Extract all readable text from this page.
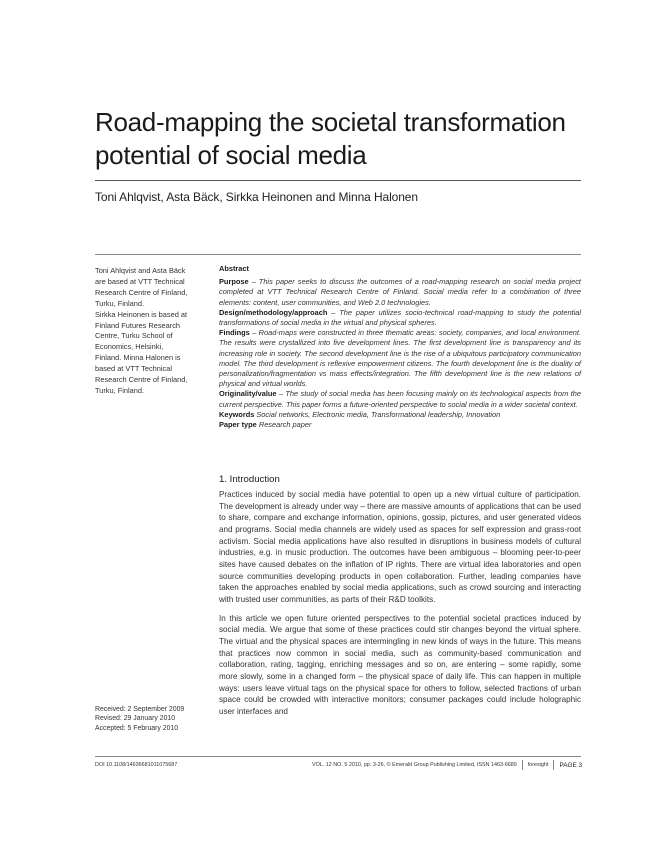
Road-mapping the societal transformation
potential of social media
Toni Ahlqvist, Asta Bäck, Sirkka Heinonen and Minna Halonen

Toni Ahlqvist and Asta Bäck

are based at VTT Technical

Research Centre of Finland,

Turku, Finland.

Sirkka Heinonen is based at

Finland Futures Research

Centre, Turku School of

Economics, Helsinki,

Finland. Minna Halonen is

based at VTT Technical

Research Centre of Finland,

Turku, Finland.

Abstract

Purpose – This paper seeks to discuss the outcomes of a road-mapping research on social media project completed at VTT Technical Research Centre of Finland. Social media refer to a combination of three elements: content, user communities, and Web 2.0 technologies.

Design/methodology/approach – The paper utilizes socio-technical road-mapping to study the potential transformations of social media in the virtual and physical spheres.

Findings – Road-maps were constructed in three thematic areas: society, companies, and local environment. The results were crystallized into five development lines. The first development line is transparency and its increasing role in society. The second development line is the rise of a ubiquitous participatory communication model. The third development is reflexive empowerment citizens. The fourth development line is the duality of personalization/fragmentation vs mass effects/integration. The fifth development line is the new relations of physical and virtual worlds.

Originality/value – The study of social media has been focusing mainly on its technological aspects from the current perspective. This paper forms a future-oriented perspective to social media in a wider societal context.

Keywords Social networks, Electronic media, Transformational leadership, Innovation

Paper type Research paper

1. Introduction

Practices induced by social media have potential to open up a new virtual culture of participation. The development is already under way – there are massive amounts of applications that can be used to share, compare and exchange information, opinions, gossip, pictures, and user generated videos and programs. Social media channels are widely used as spaces for self expression and grass-root activism. Social media applications have also resulted in disruptions in business models of cultural industries, e.g. in music production. The outcomes have been ambiguous – blooming peer-to-peer sites have caused debates on the inflation of IP rights. There are virtual idea laboratories and open source communities developing products in open collaboration. Further, leading companies have taken the approaches enabled by social media applications, such as crowd sourcing and interacting with trusted user communities, as parts of their R&D toolkits.

In this article we open future oriented perspectives to the potential societal practices induced by social media. We argue that some of these practices could stir changes beyond the virtual sphere. The virtual and the physical spaces are intermingling in new kinds of ways in the future. This means that practices now common in social media, such as community-based communication and collaboration, rating, tagging, enriching messages and so on, are entering – some rapidly, some more slowly, some in a changed form – the physical space of daily life. This can happen in multiple ways: users leave virtual tags on the physical space for others to follow, selected fractions of urban space could be crowded with interactive monitors; consumer packages could include holographic user interfaces and

Received: 2 September 2009

Revised: 29 January 2010

Accepted: 5 February 2010

DOI 10.1108/14636681011075687	VOL. 12 NO. 5 2010, pp. 3-26, © Emerald Group Publishing Limited, ISSN 1463-6689 foresight PAGE 3
